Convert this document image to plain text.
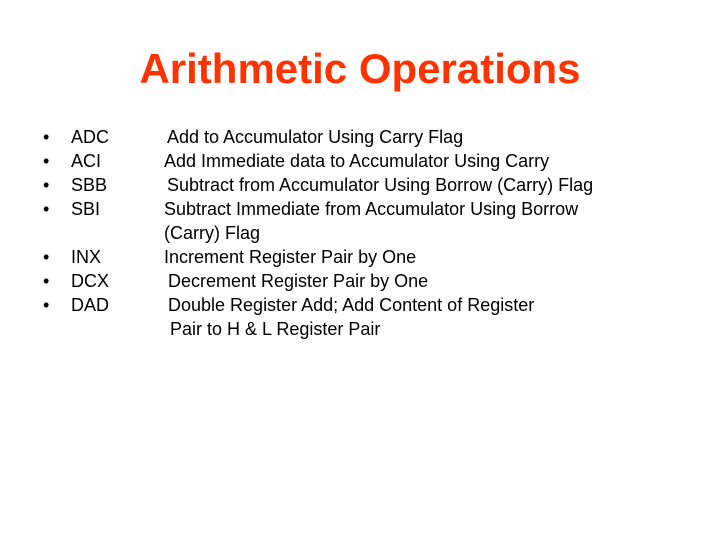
Arithmetic Operations
• ADC
• ACI
• SBB
• SBI
• INX
• DCX
• DAD
Add to Accumulator Using Carry Flag
Add Immediate data to Accumulator Using Carry
Subtract from Accumulator Using Borrow (Carry) Flag
Subtract Immediate from Accumulator Using Borrow
(Carry) Flag
Increment Register Pair by One
Decrement Register Pair by One
Double Register Add; Add Content of Register
Pair to H & L Register Pair
